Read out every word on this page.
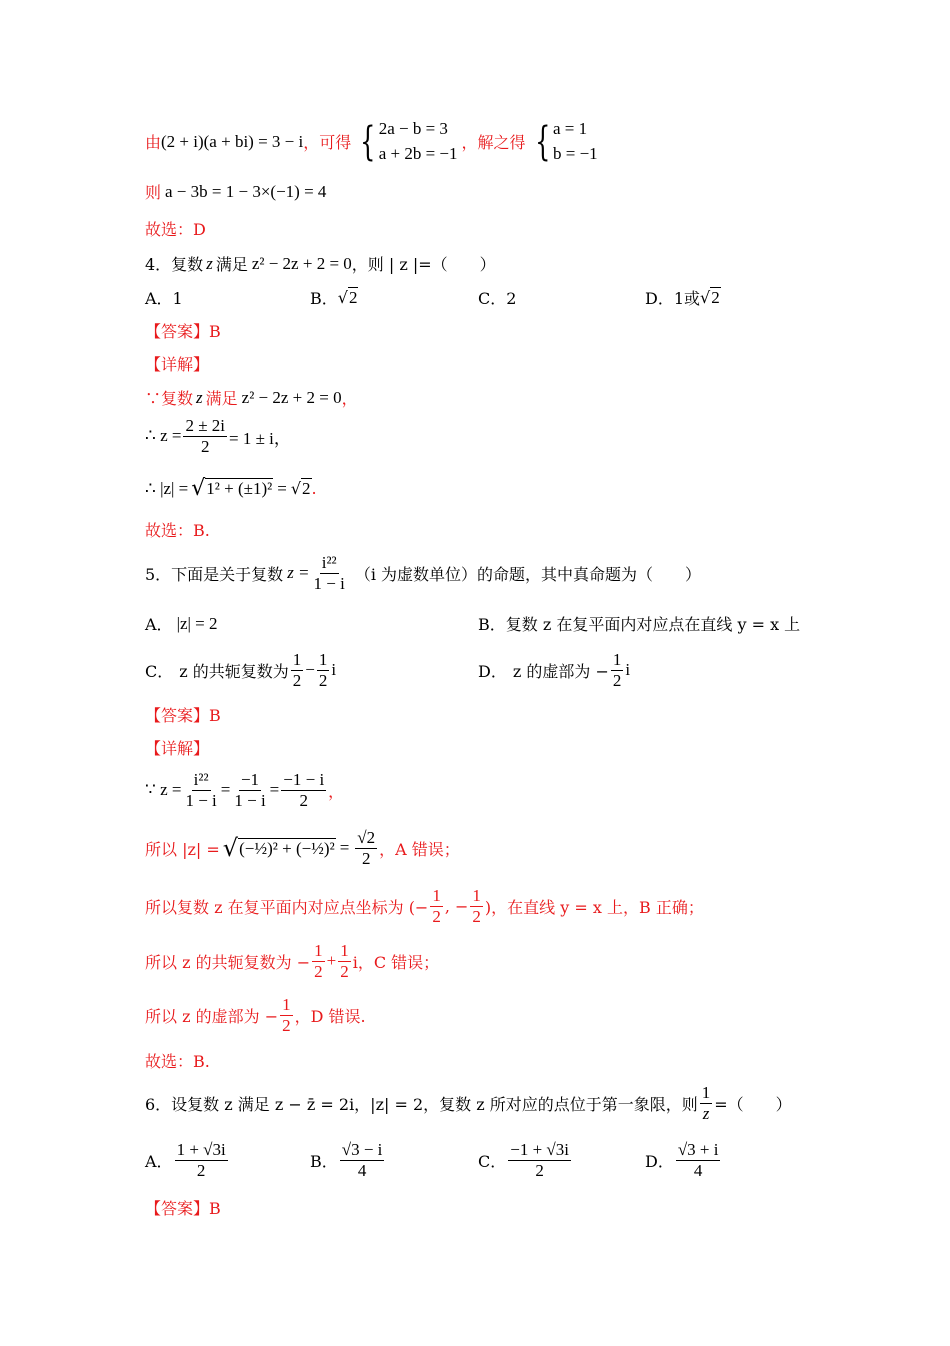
由 (2 + i)(a + bi) = 3 − i ，可得 { 2a − b = 3
a + 2b = −1
，解之得 { a = 1
b = −1
则 a − 3b = 1 − 3×(−1) = 4
故选：D
4．复数 z 满足 z² − 2z + 2 = 0 ，则 | z |=（　　）
A．1	B． √ 2	C．2	D．1或 √ 2
【答案】B
【详解】
∵复数 z 满足 z² − 2z + 2 = 0 ，
∴ $z = \frac{2 \pm 2i}{2} = 1 \pm i$，
∴ |z| = √ 1² + (±1)² = √ 2 .
故选：B.
5．下面是关于复数 $z = \frac{\text{i²²}}{1 - i} (i$ 为虚数单位）的命题，其中真命题为（　　）
A． |z| = 2	B．复数 z 在复平面内对应点在直线 y = x 上
C． z 的共轭复数为 $\frac{1}{2} - \frac{1}{2}$ i	D． z 的虚部为 − $\frac{1}{2}$ i
【答案】B
【详解】
∵ $z = \frac{\text{i²²}}{1 - i} = \frac{-1}{1 - i} = \frac{-1 - i}{2}$ ，
所以 |z| = √ (−½)² + (−½)² = $\frac{√2}{2}$ ，A 错误；
所以复数 z 在复平面内对应点坐标为 (− $\frac{1}{2}$ , − $\frac{1}{2}$ )，在直线 y = x 上，B 正确；
所以 z 的共轭复数为 − $\frac{1}{2} + \frac{1}{2}$ i，C 错误；
所以 z 的虚部为 − $\frac{1}{2}$ ，D 错误.
故选：B.
6．设复数 z 满足 z − z̄ = 2i，|z| = 2，复数 z 所对应的点位于第一象限，则 $\frac{1}{z}$ =（　　）
A． $\frac{1 + √3i}{2}$	B． $\frac{√3 - i}{4}$	C． $\frac{-1 + √3i}{2}$	D． $\frac{√3 + i}{4}$
【答案】B
